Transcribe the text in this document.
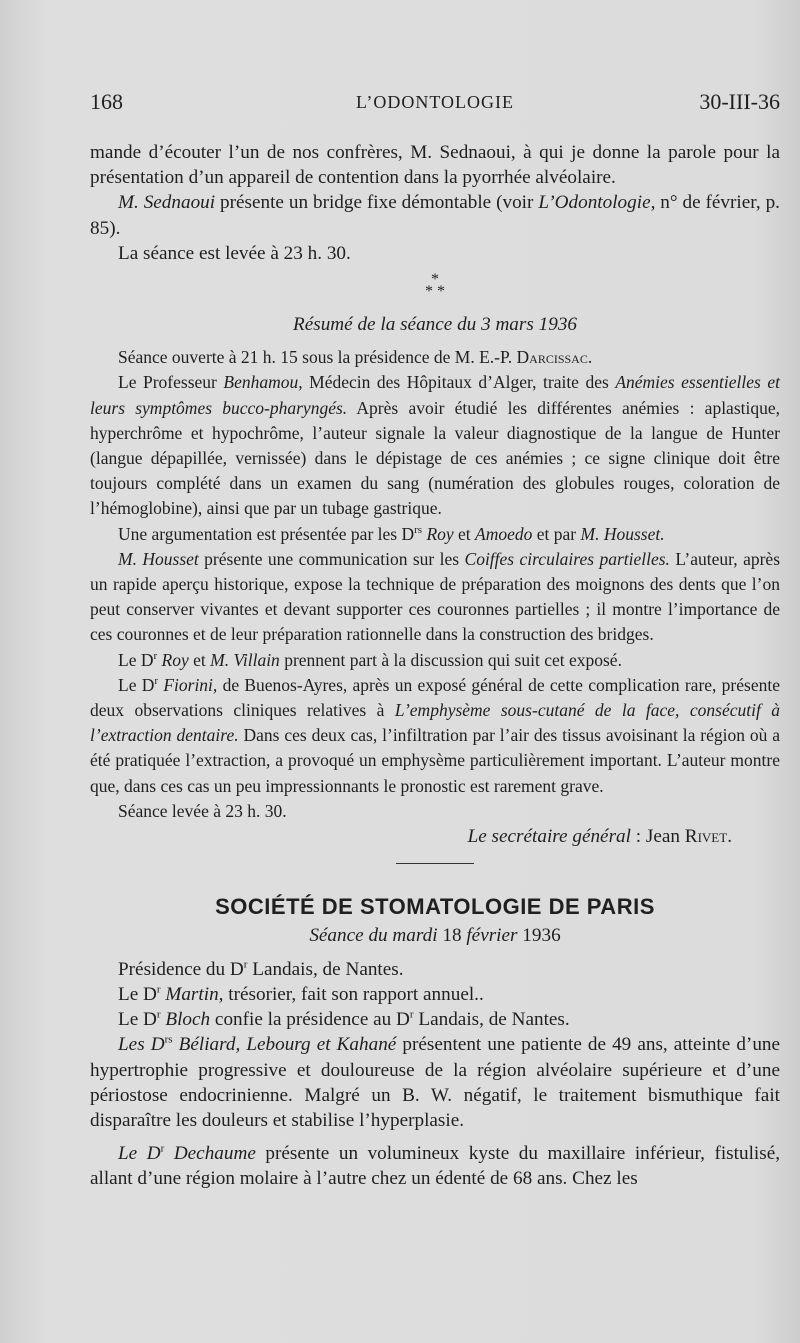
168	L’ODONTOLOGIE	30-III-36

mande d’écouter l’un de nos confrères, M. Sednaoui, à qui je donne la parole pour la présentation d’un appareil de contention dans la pyorrhée alvéolaire.

M. Sednaoui présente un bridge fixe démontable (voir L’Odontologie, n° de février, p. 85).

La séance est levée à 23 h. 30.

*
* *

Résumé de la séance du 3 mars 1936

Séance ouverte à 21 h. 15 sous la présidence de M. E.-P. Darcissac.

Le Professeur Benhamou, Médecin des Hôpitaux d’Alger, traite des Anémies essentielles et leurs symptômes bucco-pharyngés. Après avoir étudié les différentes anémies : aplastique, hyperchrôme et hypochrôme, l’auteur signale la valeur diagnostique de la langue de Hunter (langue dépapillée, vernissée) dans le dépistage de ces anémies ; ce signe clinique doit être toujours complété dans un examen du sang (numération des globules rouges, coloration de l’hémoglobine), ainsi que par un tubage gastrique.

Une argumentation est présentée par les $D^{rs}$ Roy et Amoedo et par M. Housset.

M. Housset présente une communication sur les Coiffes circulaires partielles. L’auteur, après un rapide aperçu historique, expose la technique de préparation des moignons des dents que l’on peut conserver vivantes et devant supporter ces couronnes partielles ; il montre l’importance de ces couronnes et de leur préparation rationnelle dans la construction des bridges.

Le $D^r$ Roy et M. Villain prennent part à la discussion qui suit cet exposé.

Le $D^r$ Fiorini, de Buenos-Ayres, après un exposé général de cette complication rare, présente deux observations cliniques relatives à L’emphysème sous-cutané de la face, consécutif à l’extraction dentaire. Dans ces deux cas, l’infiltration par l’air des tissus avoisinant la région où a été pratiquée l’extraction, a provoqué un emphysème particulièrement important. L’auteur montre que, dans ces cas un peu impressionnants le pronostic est rarement grave.

Séance levée à 23 h. 30.

Le secrétaire général : Jean Rivet.

SOCIÉTÉ DE STOMATOLOGIE DE PARIS

Séance du mardi 18 février 1936

Présidence du $D^r$ Landais, de Nantes.

Le $D^r$ Martin, trésorier, fait son rapport annuel..

Le $D^r$ Bloch confie la présidence au $D^r$ Landais, de Nantes.

Les $D^{rs}$ Béliard, Lebourg et Kahané présentent une patiente de 49 ans, atteinte d’une hypertrophie progressive et douloureuse de la région alvéolaire supérieure et d’une périostose endocrinienne. Malgré un B. W. négatif, le traitement bismuthique fait disparaître les douleurs et stabilise l’hyperplasie.

Le $D^r$ Dechaume présente un volumineux kyste du maxillaire inférieur, fistulisé, allant d’une région molaire à l’autre chez un édenté de 68 ans. Chez les
